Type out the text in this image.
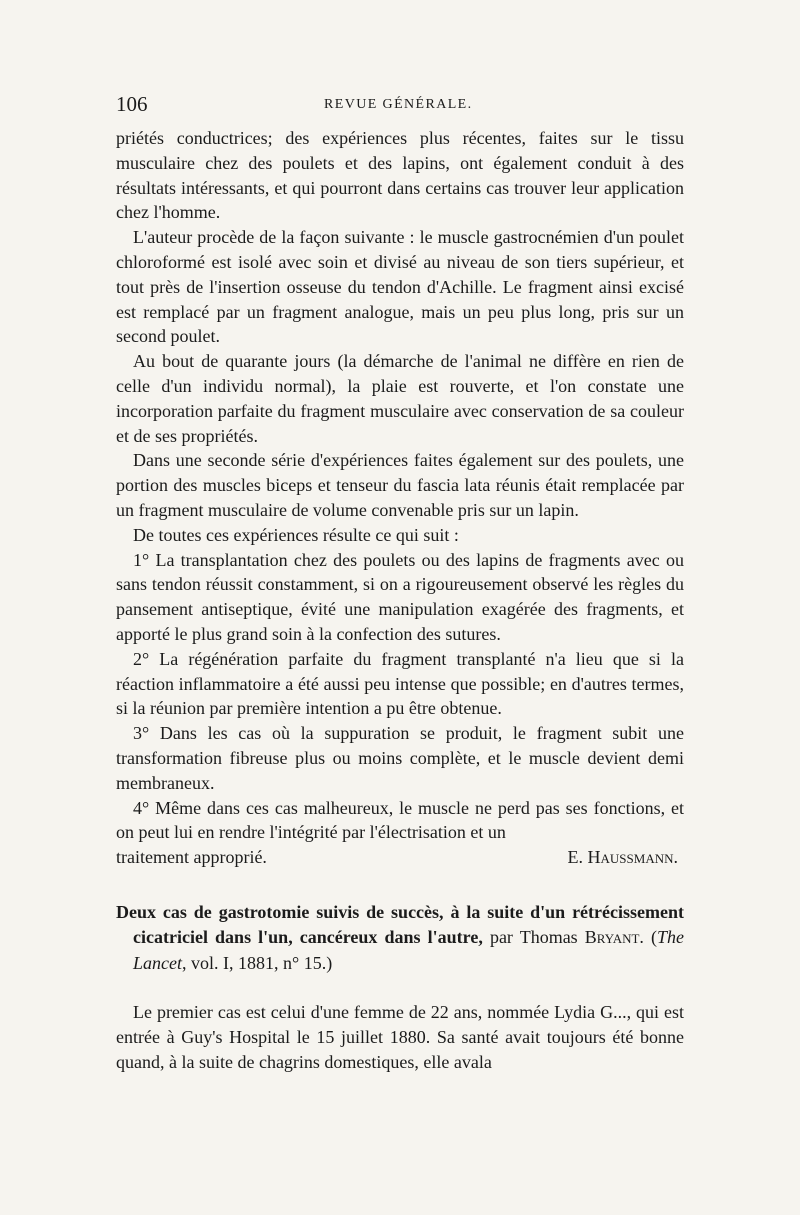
106	REVUE GÉNÉRALE.

priétés conductrices; des expériences plus récentes, faites sur le tissu musculaire chez des poulets et des lapins, ont également conduit à des résultats intéressants, et qui pourront dans certains cas trouver leur application chez l'homme.

L'auteur procède de la façon suivante : le muscle gastrocnémien d'un poulet chloroformé est isolé avec soin et divisé au niveau de son tiers supérieur, et tout près de l'insertion osseuse du tendon d'Achille. Le fragment ainsi excisé est remplacé par un fragment analogue, mais un peu plus long, pris sur un second poulet.

Au bout de quarante jours (la démarche de l'animal ne diffère en rien de celle d'un individu normal), la plaie est rouverte, et l'on constate une incorporation parfaite du fragment musculaire avec conservation de sa couleur et de ses propriétés.

Dans une seconde série d'expériences faites également sur des poulets, une portion des muscles biceps et tenseur du fascia lata réunis était remplacée par un fragment musculaire de volume convenable pris sur un lapin.

De toutes ces expériences résulte ce qui suit :

1° La transplantation chez des poulets ou des lapins de fragments avec ou sans tendon réussit constamment, si on a rigoureusement observé les règles du pansement antiseptique, évité une manipulation exagérée des fragments, et apporté le plus grand soin à la confection des sutures.

2° La régénération parfaite du fragment transplanté n'a lieu que si la réaction inflammatoire a été aussi peu intense que possible; en d'autres termes, si la réunion par première intention a pu être obtenue.

3° Dans les cas où la suppuration se produit, le fragment subit une transformation fibreuse plus ou moins complète, et le muscle devient demi membraneux.

4° Même dans ces cas malheureux, le muscle ne perd pas ses fonctions, et on peut lui en rendre l'intégrité par l'électrisation et un

traitement approprié.	E. Haussmann.

Deux cas de gastrotomie suivis de succès, à la suite d'un rétrécissement cicatriciel dans l'un, cancéreux dans l'autre, par Thomas Bryant. (The Lancet, vol. I, 1881, n° 15.)

Le premier cas est celui d'une femme de 22 ans, nommée Lydia G..., qui est entrée à Guy's Hospital le 15 juillet 1880. Sa santé avait toujours été bonne quand, à la suite de chagrins domestiques, elle avala
